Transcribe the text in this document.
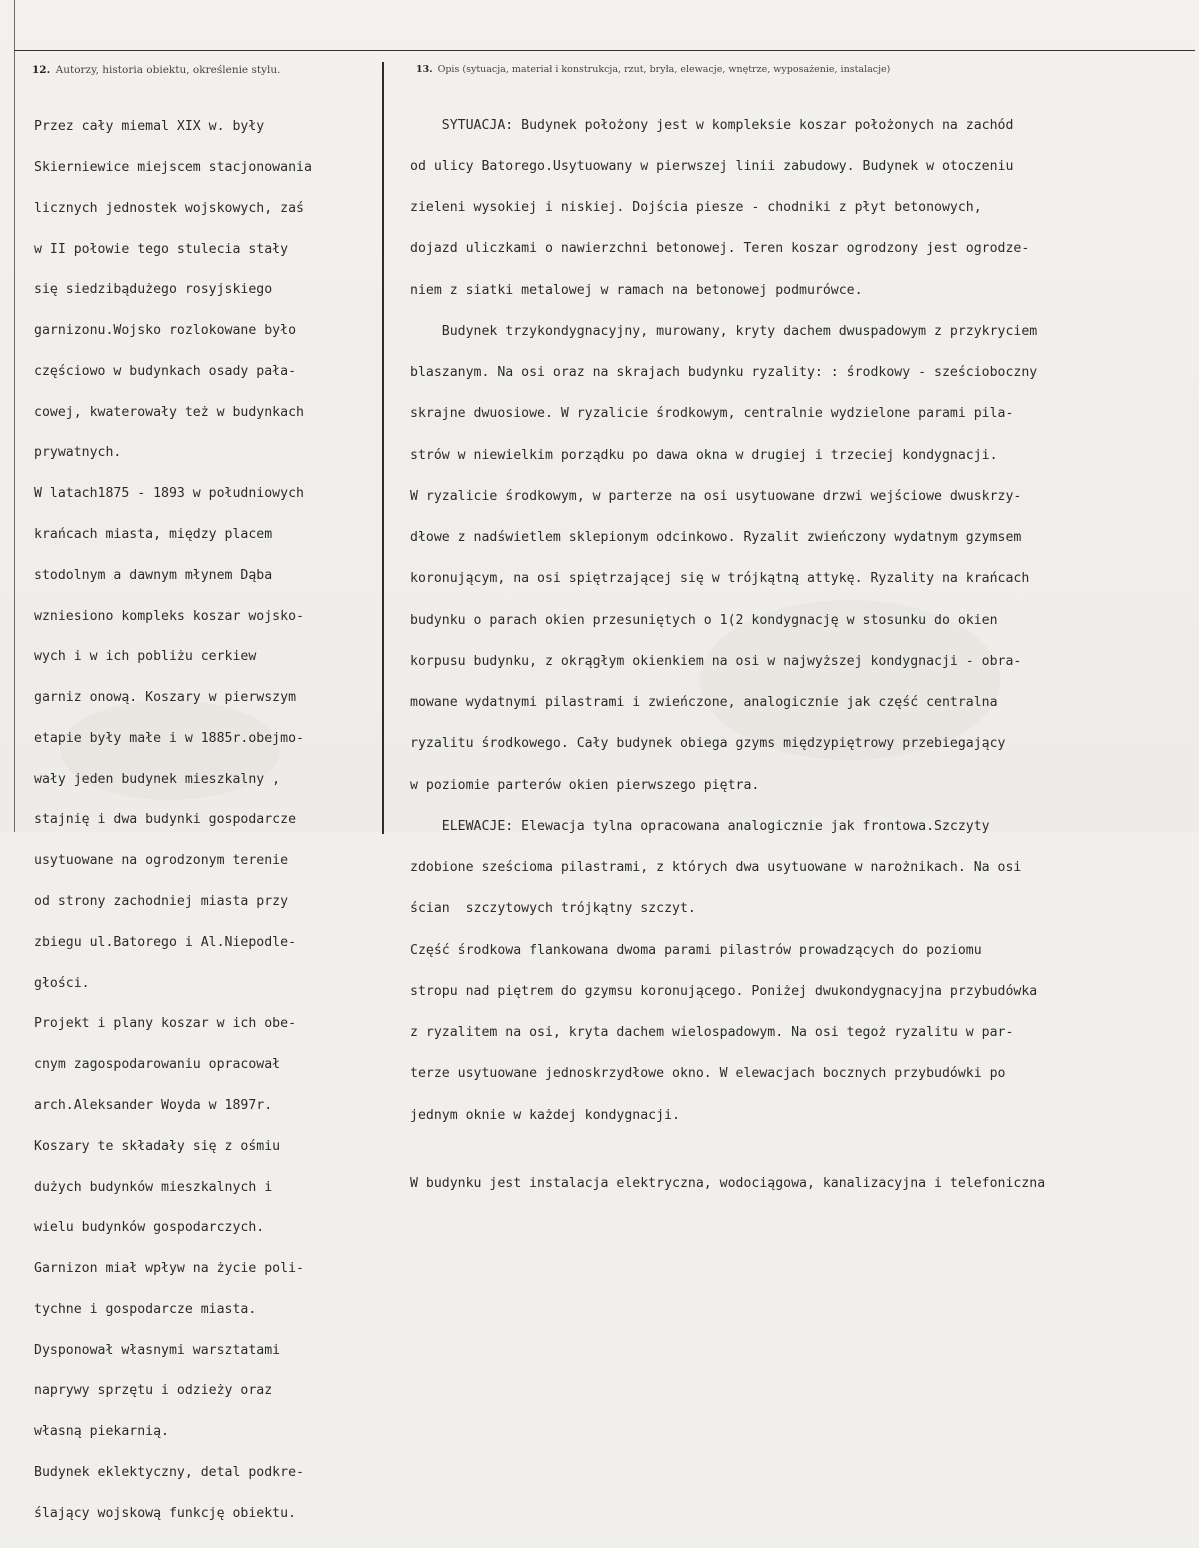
12. Autorzy, historia obiektu, określenie stylu.	13. Opis (sytuacja, materiał i konstrukcja, rzut, bryła, elewacje, wnętrze, wyposażenie, instalacje)

Przez cały miemal XIX w. były

Skierniewice miejscem stacjonowania

licznych jednostek wojskowych, zaś

w II połowie tego stulecia stały

się siedzibądużego rosyjskiego

garnizonu.Wojsko rozlokowane było

częściowo w budynkach osady pała-

cowej, kwaterowały też w budynkach

prywatnych.

W latach1875 - 1893 w południowych

krańcach miasta, między placem

stodolnym a dawnym młynem Dąba

wzniesiono kompleks koszar wojsko-

wych i w ich pobliżu cerkiew

garniz onową. Koszary w pierwszym

etapie były małe i w 1885r.obejmo-

wały jeden budynek mieszkalny ,

stajnię i dwa budynki gospodarcze

usytuowane na ogrodzonym terenie

od strony zachodniej miasta przy

zbiegu ul.Batorego i Al.Niepodle-

głości.

Projekt i plany koszar w ich obe-

cnym zagospodarowaniu opracował

arch.Aleksander Woyda w 1897r.

Koszary te składały się z ośmiu

dużych budynków mieszkalnych i

wielu budynków gospodarczych.

Garnizon miał wpływ na życie poli-

tychne i gospodarcze miasta.

Dysponował własnymi warsztatami

naprywy sprzętu i odzieży oraz

własną piekarnią.

Budynek eklektyczny, detal podkre-

ślający wojskową funkcję obiektu.

SYTUACJA: Budynek położony jest w kompleksie koszar położonych na zachód

od ulicy Batorego.Usytuowany w pierwszej linii zabudowy. Budynek w otoczeniu

zieleni wysokiej i niskiej. Dojścia piesze - chodniki z płyt betonowych,

dojazd uliczkami o nawierzchni betonowej. Teren koszar ogrodzony jest ogrodze-

niem z siatki metalowej w ramach na betonowej podmurówce.

Budynek trzykondygnacyjny, murowany, kryty dachem dwuspadowym z przykryciem

blaszanym. Na osi oraz na skrajach budynku ryzality: : środkowy - sześcioboczny

skrajne dwuosiowe. W ryzalicie środkowym, centralnie wydzielone parami pila-

strów w niewielkim porządku po dawa okna w drugiej i trzeciej kondygnacji.

W ryzalicie środkowym, w parterze na osi usytuowane drzwi wejściowe dwuskrzy-

dłowe z nadświetlem sklepionym odcinkowo. Ryzalit zwieńczony wydatnym gzymsem

koronującym, na osi spiętrzającej się w trójkątną attykę. Ryzality na krańcach

budynku o parach okien przesuniętych o 1(2 kondygnację w stosunku do okien

korpusu budynku, z okrągłym okienkiem na osi w najwyższej kondygnacji - obra-

mowane wydatnymi pilastrami i zwieńczone, analogicznie jak część centralna

ryzalitu środkowego. Cały budynek obiega gzyms międzypiętrowy przebiegający

w poziomie parterów okien pierwszego piętra.

ELEWACJE: Elewacja tylna opracowana analogicznie jak frontowa.Szczyty

zdobione sześcioma pilastrami, z których dwa usytuowane w narożnikach. Na osi

ścian  szczytowych trójkątny szczyt.

Część środkowa flankowana dwoma parami pilastrów prowadzących do poziomu

stropu nad piętrem do gzymsu koronującego. Poniżej dwukondygnacyjna przybudówka

z ryzalitem na osi, kryta dachem wielospadowym. Na osi tegoż ryzalitu w par-

terze usytuowane jednoskrzydłowe okno. W elewacjach bocznych przybudówki po

jednym oknie w każdej kondygnacji.

W budynku jest instalacja elektryczna, wodociągowa, kanalizacyjna i telefoniczna
